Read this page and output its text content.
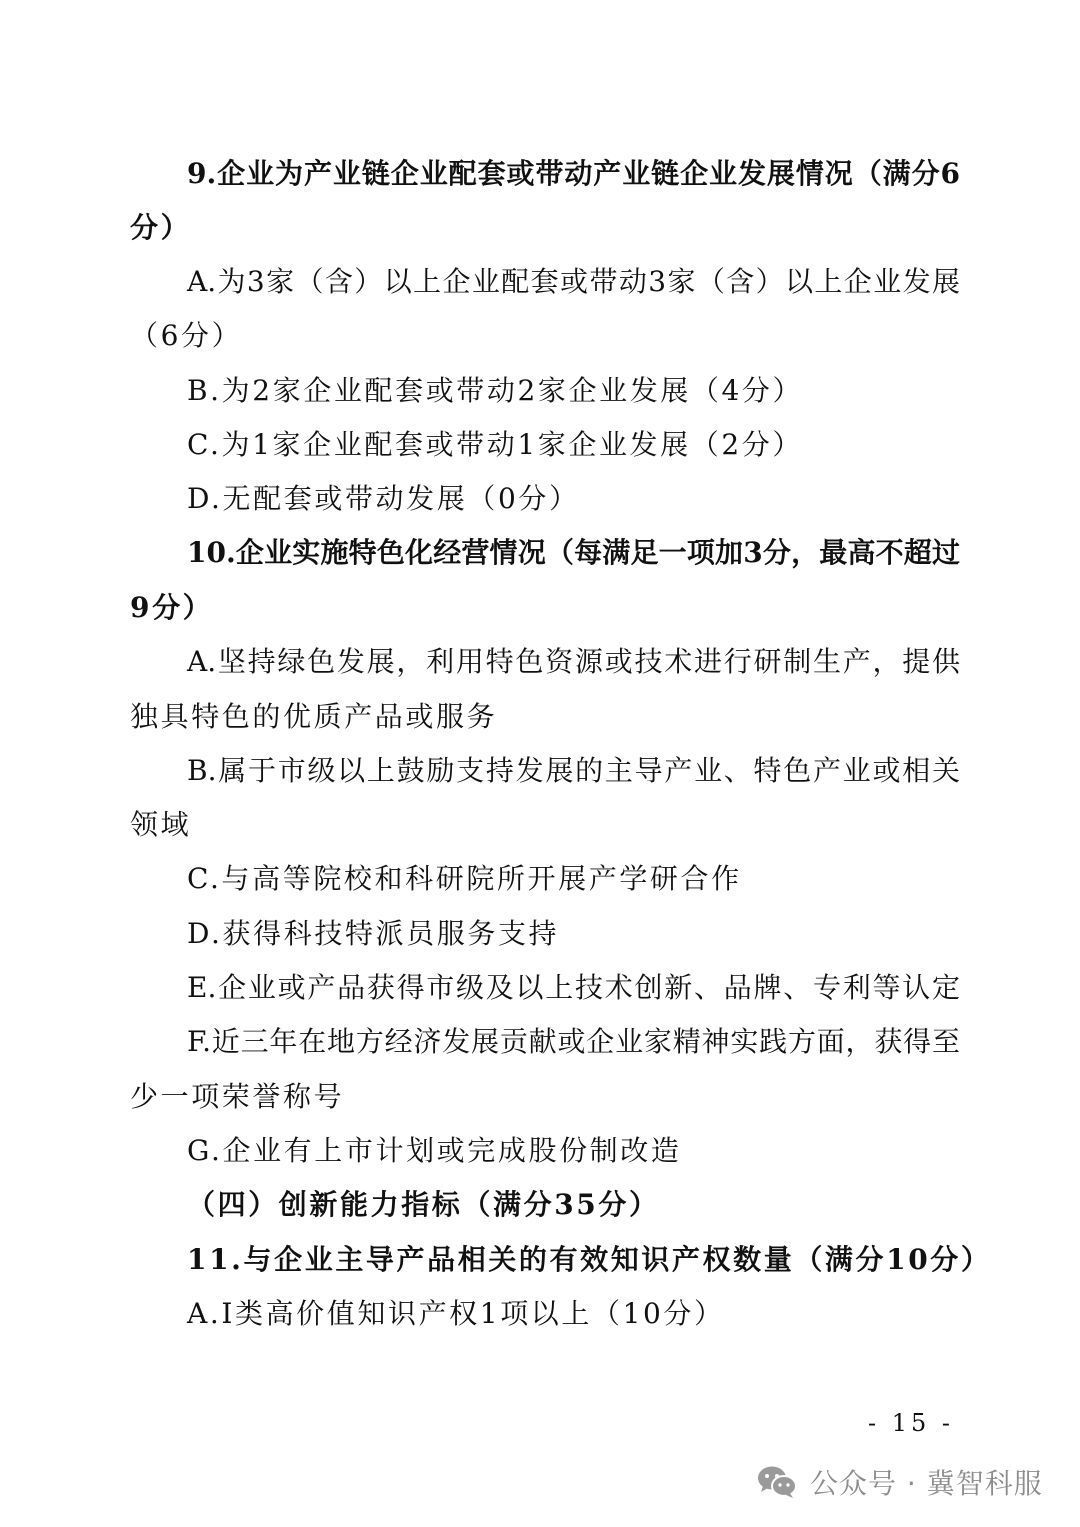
9.企业为产业链企业配套或带动产业链企业发展情况（满分6
分）
A.为3家（含）以上企业配套或带动3家（含）以上企业发展
（6分）
B.为2家企业配套或带动2家企业发展（4分）
C.为1家企业配套或带动1家企业发展（2分）
D.无配套或带动发展（0分）
10.企业实施特色化经营情况（每满足一项加3分，最高不超过
9分）
A.坚持绿色发展，利用特色资源或技术进行研制生产，提供
独具特色的优质产品或服务
B.属于市级以上鼓励支持发展的主导产业、特色产业或相关
领域
C.与高等院校和科研院所开展产学研合作
D.获得科技特派员服务支持
E.企业或产品获得市级及以上技术创新、品牌、专利等认定
F.近三年在地方经济发展贡献或企业家精神实践方面，获得至
少一项荣誉称号
G.企业有上市计划或完成股份制改造
（四）创新能力指标（满分35分）
11.与企业主导产品相关的有效知识产权数量（满分10分）
A.I类高价值知识产权1项以上（10分）
- 15 -
公众号 · 冀智科服
